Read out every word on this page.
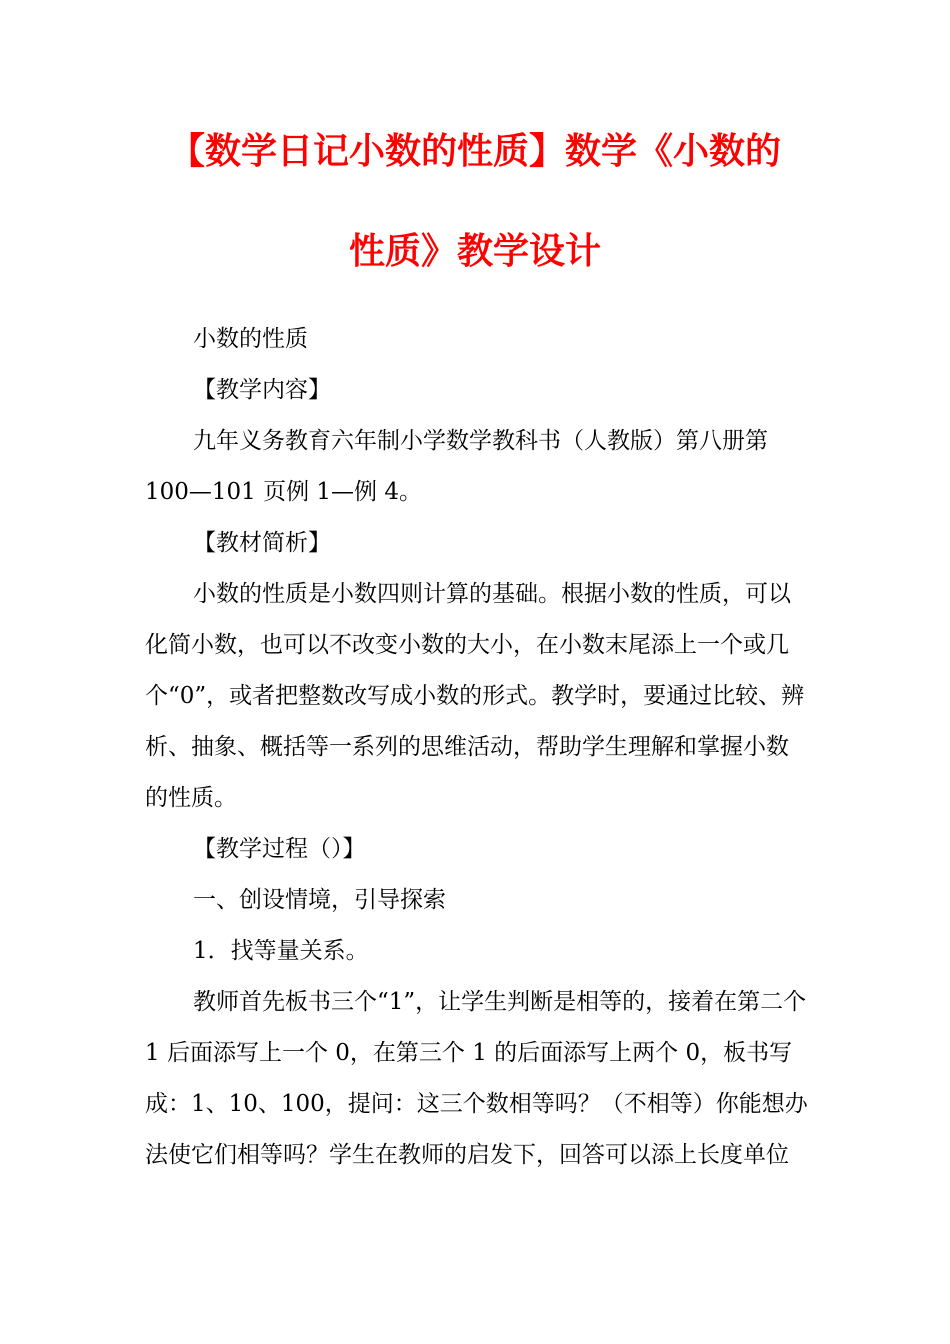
【数学日记小数的性质】数学《小数的
性质》教学设计
小数的性质
【教学内容】
九年义务教育六年制小学数学教科书（人教版）第八册第
100—101 页例 1—例 4。
【教材简析】
小数的性质是小数四则计算的基础。根据小数的性质，可以
化简小数，也可以不改变小数的大小，在小数末尾添上一个或几
个“0”，或者把整数改写成小数的形式。教学时，要通过比较、辨
析、抽象、概括等一系列的思维活动，帮助学生理解和掌握小数
的性质。
【教学过程（）】
一、创设情境，引导探索
1．找等量关系。
教师首先板书三个“1”，让学生判断是相等的，接着在第二个
1 后面添写上一个 0，在第三个 1 的后面添写上两个 0，板书写
成：1、10、100，提问：这三个数相等吗？（不相等）你能想办
法使它们相等吗？学生在教师的启发下，回答可以添上长度单位
